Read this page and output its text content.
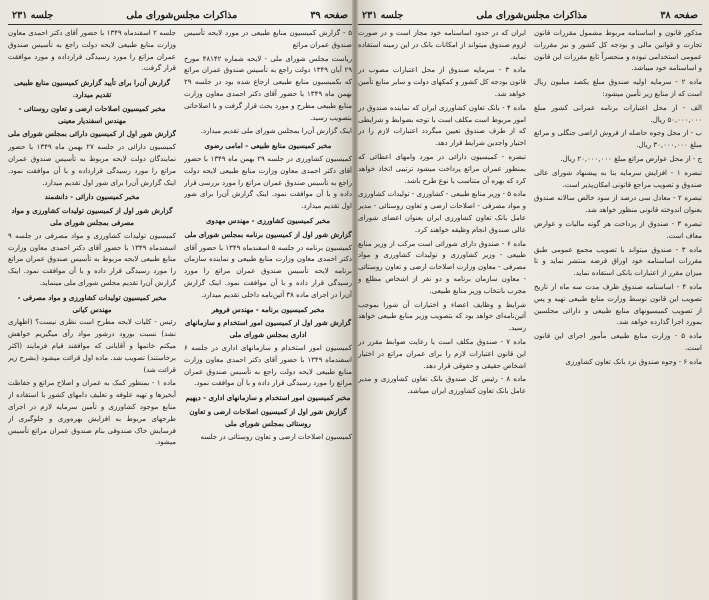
صفحه ۳۹
مذاکرات مجلس‌شورای ملی
جلسه ۲۳۱

۵ - گزارش کمیسیون منابع طبیعی در مورد لایحه تأسیس صندوق عمران مراتع

ریاست مجلس شورای ملی - لایحه شماره ۴۸۱۴۲ مورخ ۲۹ آبان ۱۳۴۹ دولت راجع به تأسیس صندوق عمران مراتع که بکمیسیون منابع طبیعی ارجاع شده بود در جلسه ۲۹ بهمن ماه ۱۳۴۹ با حضور آقای دکتر احمدی معاون وزارت منابع طبیعی مطرح و مورد بحث قرار گرفت و با اصلاحاتی بتصویب رسید.

اینک گزارش آن‌را بمجلس شورای ملی تقدیم میدارد.

مخبر کمیسیون منابع طبیعی - امامی رضوی

کمیسیون کشاورزی در جلسه ۲۹ بهمن ماه ۱۳۴۹ با حضور آقای دکتر احمدی معاون وزارت منابع طبیعی لایحه دولت راجع به تأسیس صندوق عمران مراتع را مورد بررسی قرار داده و با آن موافقت نمود. اینک گزارش آن‌را برای شور اول تقدیم میدارد.

مخبر کمیسیون کشاورزی - مهندس مهدوی

گزارش شور اول از کمیسیون برنامه بمجلس شورای ملی

کمیسیون برنامه در جلسه ۵ اسفندماه ۱۳۴۹ با حضور آقای دکتر احمدی معاون وزارت منابع طبیعی و نماینده سازمان برنامه لایحه تأسیس صندوق عمران مراتع را مورد رسیدگی قرار داده و با آن موافقت نمود. اینک گزارش آن‌را در اجرای ماده ۳۸ آئین‌نامه داخلی تقدیم میدارد.

مخبر کمیسیون برنامه - مهندس فروهر

گزارش شور اول از کمیسیون امور استخدام و سازمانهای اداری بمجلس شورای ملی

کمیسیون امور استخدام و سازمانهای اداری در جلسه ۶ اسفندماه ۱۳۴۹ با حضور آقای دکتر احمدی معاون وزارت منابع طبیعی لایحه دولت راجع به تأسیس صندوق عمران مراتع را مورد رسیدگی قرار داده و با آن موافقت نمود.

مخبر کمیسیون امور استخدام و سازمانهای اداری - دیهیم

گزارش شور اول از کمیسیون اصلاحات ارضی و تعاون روستائی بمجلس شورای ملی

کمیسیون اصلاحات ارضی و تعاون روستائی در جلسه

جلسه ۲ اسفندماه ۱۳۴۹ با حضور آقای دکتر احمدی معاون وزارت منابع طبیعی لایحه دولت راجع به تأسیس صندوق عمران مراتع را مورد رسیدگی قرارداده و مورد موافقت قرار گرفت.

گزارش آن‌را برای تأیید گزارش کمیسیون منابع طبیعی تقدیم میدارد.

مخبر کمیسیون اصلاحات ارضی و تعاون روستائی - مهندس اسفندیار معینی

گزارش شور اول از کمیسیون دارائی بمجلس شورای ملی

کمیسیون دارائی در جلسه ۲۷ بهمن ماه ۱۳۴۹ با حضور نمایندگان دولت لایحه مربوط به تأسیس صندوق عمران مراتع را مورد رسیدگی قرارداده و با آن موافقت نمود. اینک گزارش آن‌را برای شور اول تقدیم میدارد.

مخبر کمیسیون دارائی - دانشمند

گزارش شور اول از کمیسیون تولیدات کشاورزی و مواد مصرفی بمجلس شورای ملی

کمیسیون تولیدات کشاورزی و مواد مصرفی در جلسه ۹ اسفندماه ۱۳۴۹ با حضور آقای دکتر احمدی معاون وزارت منابع طبیعی لایحه مربوط به تأسیس صندوق عمران مراتع را مورد رسیدگی قرار داده و با آن موافقت نمود. اینک گزارش آن‌را تقدیم مجلس شورای ملی مینماید.

مخبر کمیسیون تولیدات کشاورزی و مواد مصرفی - مهندس کیانی

رئیس - کلیات لایحه مطرح است نظری نیست؟ (اظهاری نشد) نسبت بورود درشور مواد رأی میگیریم خواهش میکنم خانمها و آقایانی که موافقند قیام فرمایند (اکثر برخاستند) تصویب شد. ماده اول قرائت میشود (بشرح زیر قرائت شد)

ماده ۱ - بمنظور کمک به عمران و اصلاح مراتع و حفاظت آبخیزها و تهیه علوفه و تعلیف دامهای کشور با استفاده از منابع موجود کشاورزی و تأمین سرمایه لازم در اجرای طرحهای مربوط به افزایش بهره‌وری و جلوگیری از فرسایش خاک صندوقی بنام صندوق عمران مراتع تأسیس میشود.

صفحه ۳۸
مذاکرات مجلس‌شورای ملی
جلسه ۲۳۱

مذکور قانون و اساسنامه مربوط مشمول مقررات قانون تجارت و قوانین مالی و بودجه کل کشور و نیز مقررات عمومی استخدامی نبوده و منحصراً تابع مقررات این قانون و اساسنامه خود میباشد.

ماده ۲ - سرمایه اولیه صندوق مبلغ یکصد میلیون ریال است که از منابع زیر تأمین میشود:

الف - از محل اعتبارات برنامه عمرانی کشور مبلغ ۵۰,۰۰۰,۰۰۰ ریال.

ب - از محل وجوه حاصله از فروش اراضی جنگلی و مراتع مبلغ ۳۰,۰۰۰,۰۰۰ ریال.

ج - از محل عوارض مراتع مبلغ ۲۰,۰۰۰,۰۰۰ ریال.

تبصره ۱ - افزایش سرمایه بنا به پیشنهاد شورای عالی صندوق و تصویب مراجع قانونی امکان‌پذیر است.

تبصره ۲ - معادل سی درصد از سود خالص سالانه صندوق بعنوان اندوخته قانونی منظور خواهد شد.

تبصره ۳ - صندوق از پرداخت هر گونه مالیات و عوارض معاف است.

ماده ۳ - صندوق میتواند با تصویب مجمع عمومی طبق مقررات اساسنامه خود اوراق قرضه منتشر نماید و تا میزان مقرر از اعتبارات بانکی استفاده نماید.

ماده ۴ - اساسنامه صندوق ظرف مدت سه ماه از تاریخ تصویب این قانون توسط وزارت منابع طبیعی تهیه و پس از تصویب کمیسیونهای منابع طبیعی و دارائی مجلسین بمورد اجرا گذارده خواهد شد.

ماده ۵ - وزارت منابع طبیعی مأمور اجرای این قانون است.

ماده ۶ - وجوه صندوق نزد بانک تعاون کشاورزی

ایران که در حدود اساسنامه خود مجاز است و در صورت لزوم صندوق میتواند از امکانات بانک در این زمینه استفاده نماید.

ماده ۳ - سرمایه صندوق از محل اعتبارات مصوب در قانون بودجه کل کشور و کمکهای دولت و سایر منابع تأمین خواهد شد.

ماده ۴ - بانک تعاون کشاورزی ایران که نماینده صندوق در امور مربوط است مکلف است با توجه بضوابط و شرایطی که از طرف صندوق تعیین میگردد اعتبارات لازم را در اختیار واجدین شرایط قرار دهد.

تبصره - کمیسیون دارائی در مورد وامهای اعطائی که بمنظور عمران مراتع پرداخت میشود ترتیبی اتخاذ خواهد کرد که بهره آن متناسب با نوع طرح باشد.

ماده ۵ - وزیر منابع طبیعی - کشاورزی - تولیدات کشاورزی و مواد مصرفی - اصلاحات ارضی و تعاون روستائی - مدیر عامل بانک تعاون کشاورزی ایران بعنوان اعضای شورای عالی صندوق انجام وظیفه خواهند کرد.

ماده ۶ - صندوق دارای شورائی است مرکب از وزیر منابع طبیعی - وزیر کشاورزی و تولیدات کشاورزی و مواد مصرفی - معاون وزارت اصلاحات ارضی و تعاون روستائی - معاون سازمان برنامه و دو نفر از اشخاص مطلع و مجرب بانتخاب وزیر منابع طبیعی.

شرایط و وظایف اعضاء و اختیارات آن شورا بموجب آئین‌نامه‌ای خواهد بود که بتصویب وزیر منابع طبیعی خواهد رسید.

ماده ۷ - صندوق مکلف است با رعایت ضوابط مقرر در این قانون اعتبارات لازم را برای عمران مراتع در اختیار اشخاص حقیقی و حقوقی قرار دهد.

ماده ۸ - رئیس کل صندوق بانک تعاون کشاورزی و مدیر عامل بانک تعاون کشاورزی ایران میباشد.
